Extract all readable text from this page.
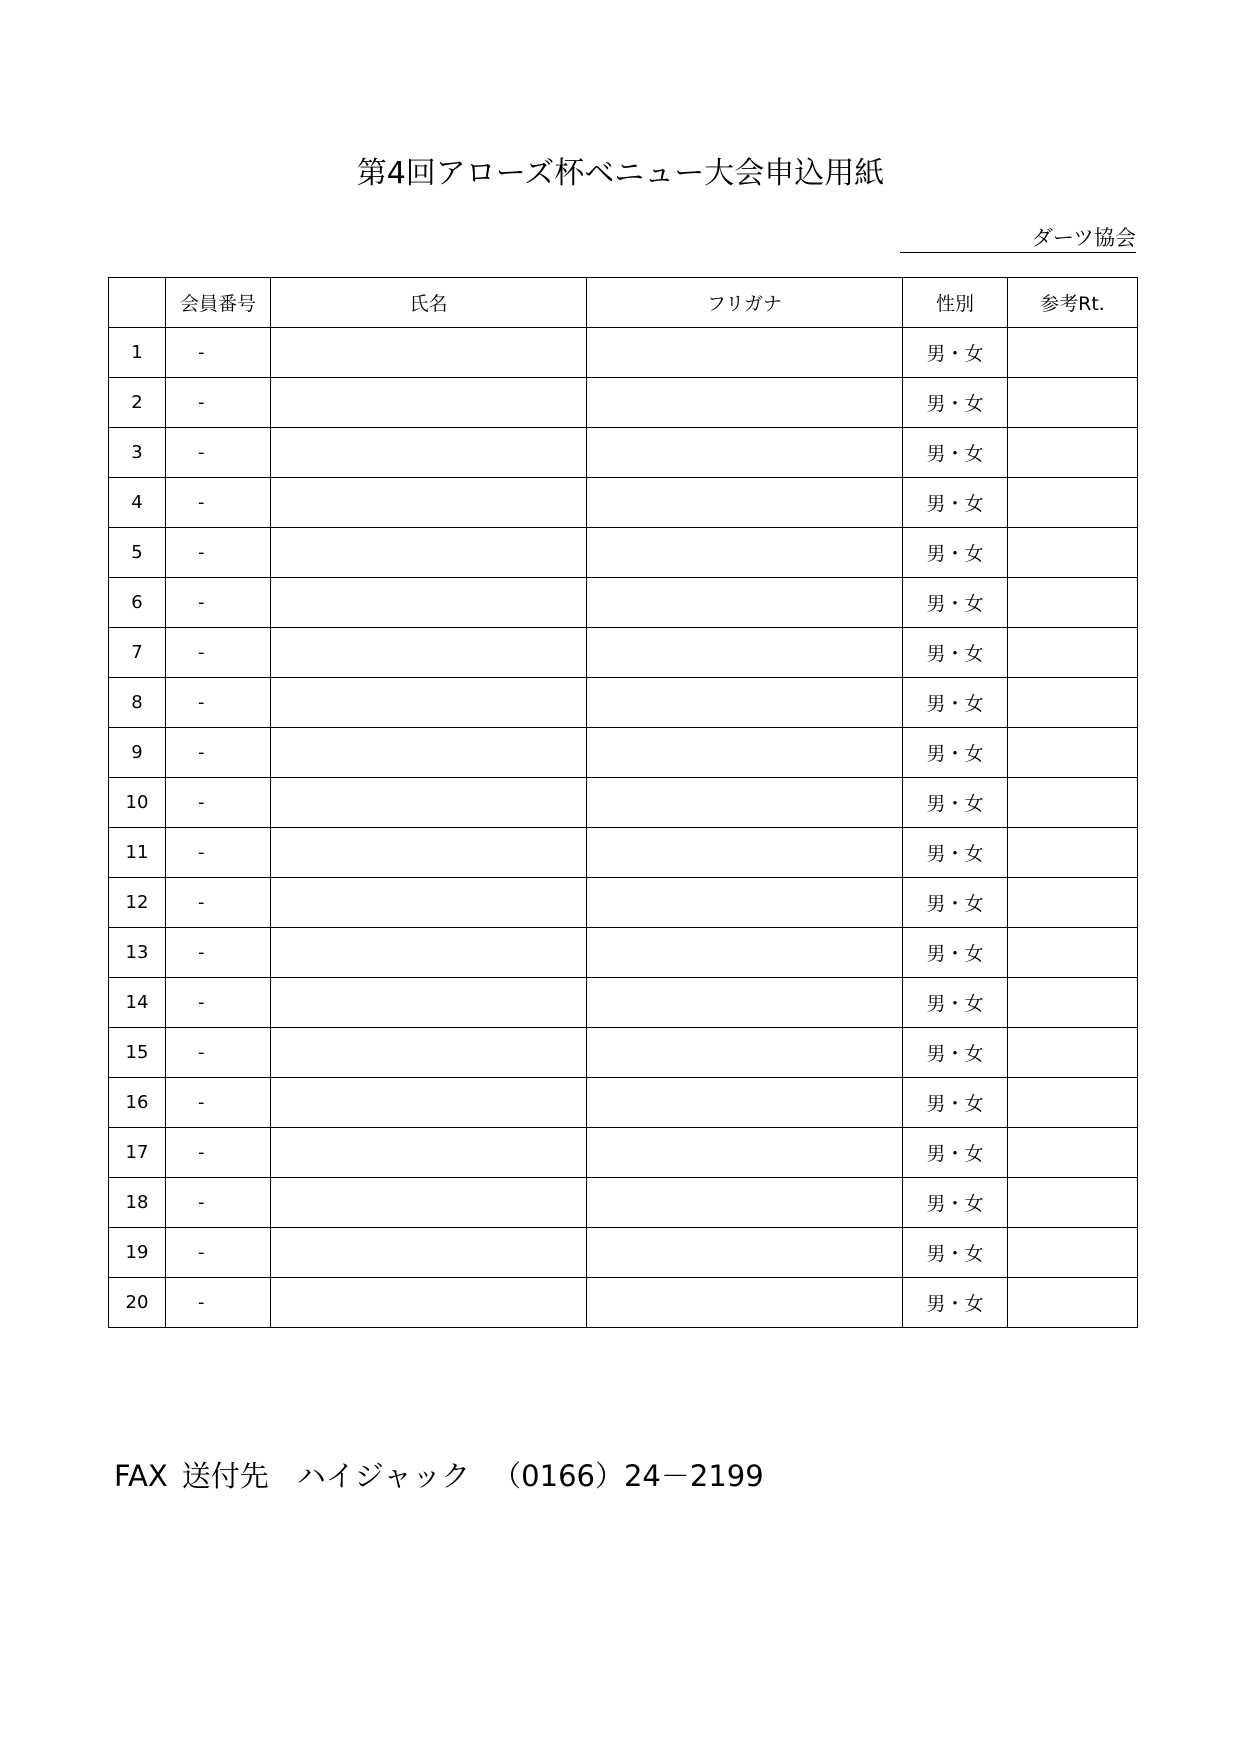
第4回アローズ杯ベニュー大会申込用紙
ダーツ協会
	会員番号	氏名	フリガナ	性別	参考Rt.
1	-			男・女	
2	-			男・女	
3	-			男・女	
4	-			男・女	
5	-			男・女	
6	-			男・女	
7	-			男・女	
8	-			男・女	
9	-			男・女	
10	-			男・女	
11	-			男・女	
12	-			男・女	
13	-			男・女	
14	-			男・女	
15	-			男・女	
16	-			男・女	
17	-			男・女	
18	-			男・女	
19	-			男・女	
20	-			男・女	
FAX 送付先 ハイジャック （0166）24－2199
